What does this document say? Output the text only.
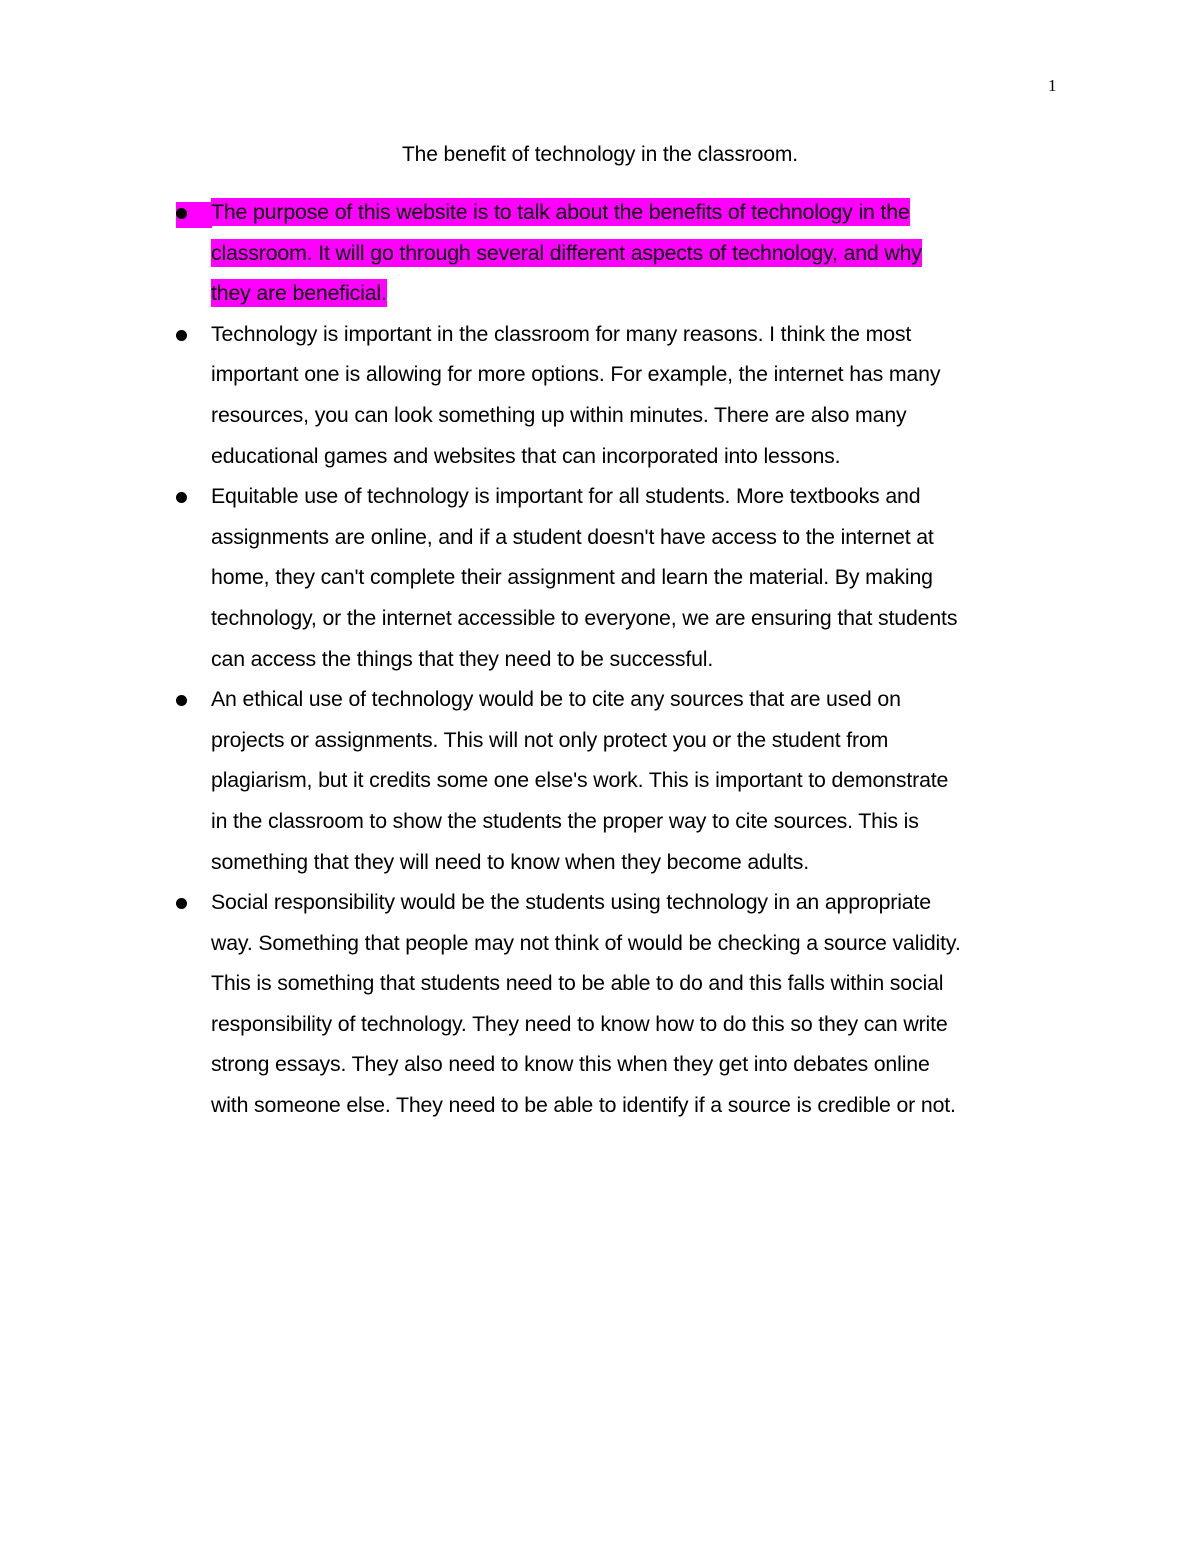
1
The benefit of technology in the classroom.
The purpose of this website is to talk about the benefits of technology in the
classroom. It will go through several different aspects of technology, and why
they are beneficial.
Technology is important in the classroom for many reasons. I think the most
important one is allowing for more options. For example, the internet has many
resources, you can look something up within minutes. There are also many
educational games and websites that can incorporated into lessons.
Equitable use of technology is important for all students. More textbooks and
assignments are online, and if a student doesn't have access to the internet at
home, they can't complete their assignment and learn the material. By making
technology, or the internet accessible to everyone, we are ensuring that students
can access the things that they need to be successful.
An ethical use of technology would be to cite any sources that are used on
projects or assignments. This will not only protect you or the student from
plagiarism, but it credits some one else's work. This is important to demonstrate
in the classroom to show the students the proper way to cite sources. This is
something that they will need to know when they become adults.
Social responsibility would be the students using technology in an appropriate
way. Something that people may not think of would be checking a source validity.
This is something that students need to be able to do and this falls within social
responsibility of technology. They need to know how to do this so they can write
strong essays. They also need to know this when they get into debates online
with someone else. They need to be able to identify if a source is credible or not.
